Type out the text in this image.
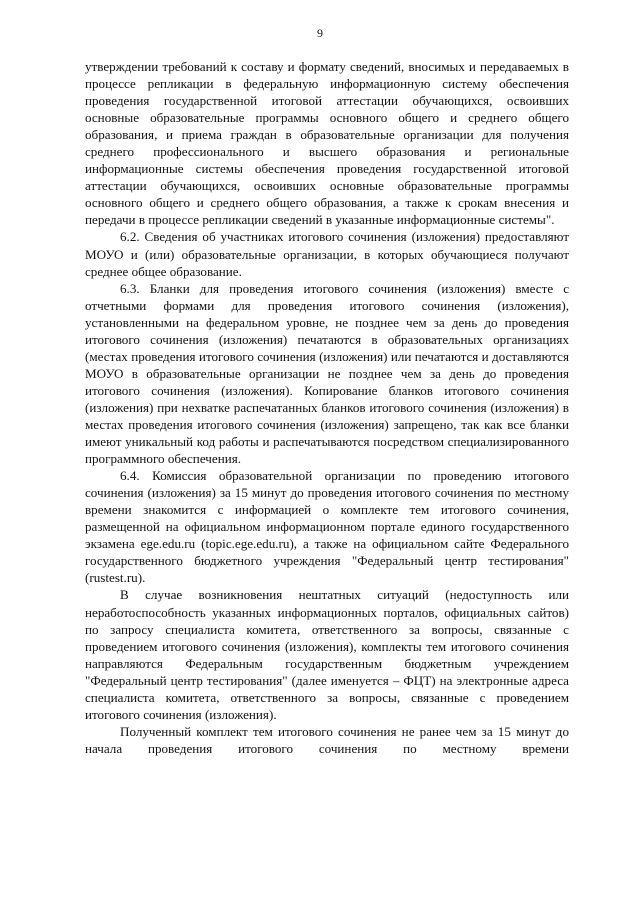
9

утверждении требований к составу и формату сведений, вносимых и передаваемых в процессе репликации в федеральную информационную систему обеспечения проведения государственной итоговой аттестации обучающихся, освоивших основные образовательные программы основного общего и среднего общего образования, и приема граждан в образовательные организации для получения среднего профессионального и высшего образования и региональные информационные системы обеспечения проведения государственной итоговой аттестации обучающихся, освоивших основные образовательные программы основного общего и среднего общего образования, а также к срокам внесения и передачи в процессе репликации сведений в указанные информационные системы".

6.2. Сведения об участниках итогового сочинения (изложения) предоставляют МОУО и (или) образовательные организации, в которых обучающиеся получают среднее общее образование.

6.3. Бланки для проведения итогового сочинения (изложения) вместе с отчетными формами для проведения итогового сочинения (изложения), установленными на федеральном уровне, не позднее чем за день до проведения итогового сочинения (изложения) печатаются в образовательных организациях (местах проведения итогового сочинения (изложения) или печатаются и доставляются МОУО в образовательные организации не позднее чем за день до проведения итогового сочинения (изложения). Копирование бланков итогового сочинения (изложения) при нехватке распечатанных бланков итогового сочинения (изложения) в местах проведения итогового сочинения (изложения) запрещено, так как все бланки имеют уникальный код работы и распечатываются посредством специализированного программного обеспечения.

6.4. Комиссия образовательной организации по проведению итогового сочинения (изложения) за 15 минут до проведения итогового сочинения по местному времени знакомится с информацией о комплекте тем итогового сочинения, размещенной на официальном информационном портале единого государственного экзамена ege.edu.ru (topic.ege.edu.ru), а также на официальном сайте Федерального государственного бюджетного учреждения "Федеральный центр тестирования" (rustest.ru).

В случае возникновения нештатных ситуаций (недоступность или неработоспособность указанных информационных порталов, официальных сайтов) по запросу специалиста комитета, ответственного за вопросы, связанные с проведением итогового сочинения (изложения), комплекты тем итогового сочинения направляются Федеральным государственным бюджетным учреждением "Федеральный центр тестирования" (далее именуется – ФЦТ) на электронные адреса специалиста комитета, ответственного за вопросы, связанные с проведением итогового сочинения (изложения).

Полученный комплект тем итогового сочинения не ранее чем за 15 минут до начала проведения итогового сочинения по местному времени
